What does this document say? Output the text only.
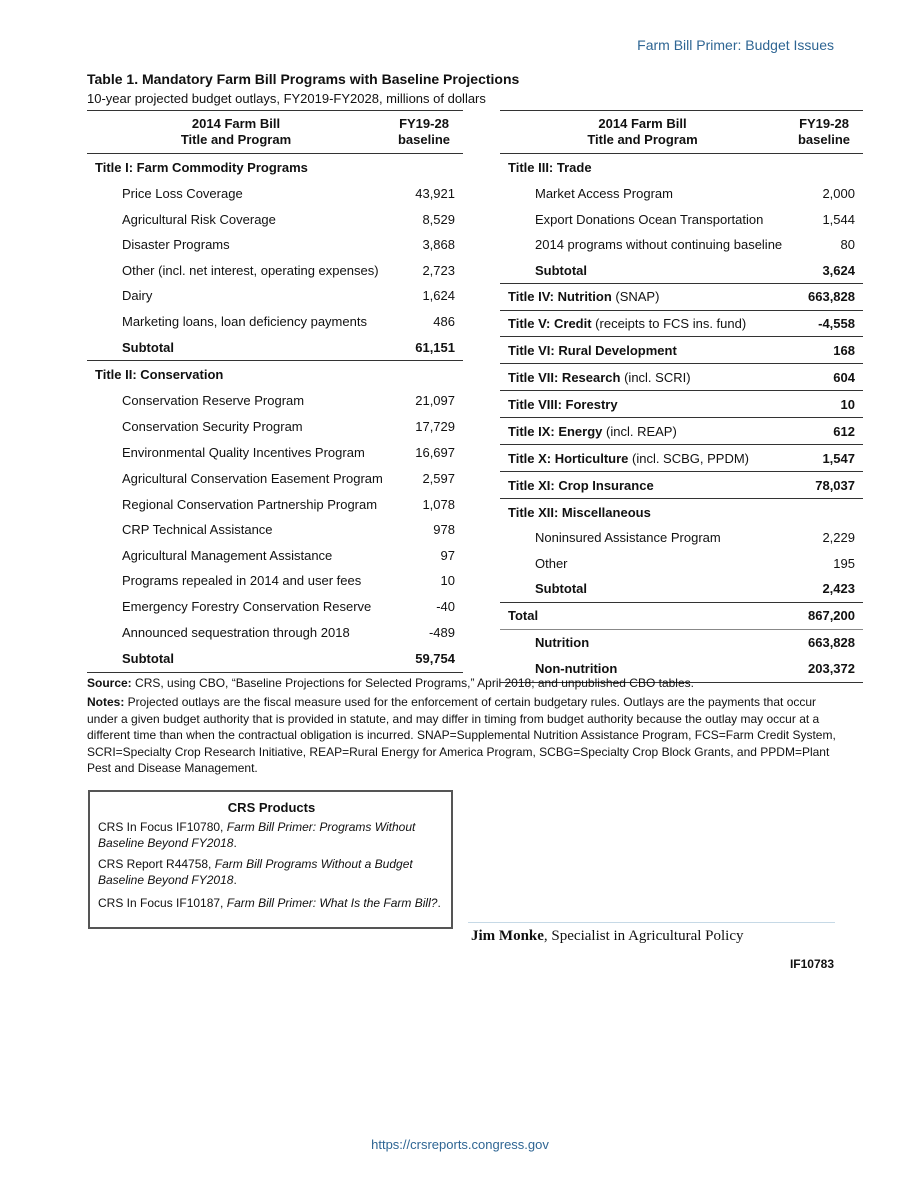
Farm Bill Primer: Budget Issues
Table 1. Mandatory Farm Bill Programs with Baseline Projections
10-year projected budget outlays, FY2019-FY2028, millions of dollars
2014 Farm Bill
Title and Program
FY19-28
baseline
Title I: Farm Commodity Programs
Price Loss Coverage	43,921
Agricultural Risk Coverage	8,529
Disaster Programs	3,868
Other (incl. net interest, operating expenses)	2,723
Dairy	1,624
Marketing loans, loan deficiency payments	486
Subtotal	61,151
Title II: Conservation
Conservation Reserve Program	21,097
Conservation Security Program	17,729
Environmental Quality Incentives Program	16,697
Agricultural Conservation Easement Program	2,597
Regional Conservation Partnership Program	1,078
CRP Technical Assistance	978
Agricultural Management Assistance	97
Programs repealed in 2014 and user fees	10
Emergency Forestry Conservation Reserve	-40
Announced sequestration through 2018	-489
Subtotal	59,754
2014 Farm Bill
Title and Program
FY19-28
baseline
Title III: Trade
Market Access Program	2,000
Export Donations Ocean Transportation	1,544
2014 programs without continuing baseline	80
Subtotal	3,624
Title IV: Nutrition (SNAP)	663,828
Title V: Credit (receipts to FCS ins. fund)	-4,558
Title VI: Rural Development	168
Title VII: Research (incl. SCRI)	604
Title VIII: Forestry	10
Title IX: Energy (incl. REAP)	612
Title X: Horticulture (incl. SCBG, PPDM)	1,547
Title XI: Crop Insurance	78,037
Title XII: Miscellaneous
Noninsured Assistance Program	2,229
Other	195
Subtotal	2,423
Total	867,200
Nutrition	663,828
Non-nutrition	203,372
Source: CRS, using CBO, “Baseline Projections for Selected Programs,” April 2018; and unpublished CBO tables.
Notes: Projected outlays are the fiscal measure used for the enforcement of certain budgetary rules. Outlays are the payments that occur under a given budget authority that is provided in statute, and may differ in timing from budget authority because the outlay may occur at a different time than when the contractual obligation is incurred. SNAP=Supplemental Nutrition Assistance Program, FCS=Farm Credit System, SCRI=Specialty Crop Research Initiative, REAP=Rural Energy for America Program, SCBG=Specialty Crop Block Grants, and PPDM=Plant Pest and Disease Management.
CRS Products

CRS In Focus IF10780, Farm Bill Primer: Programs Without Baseline Beyond FY2018.

CRS Report R44758, Farm Bill Programs Without a Budget Baseline Beyond FY2018.

CRS In Focus IF10187, Farm Bill Primer: What Is the Farm Bill?.

Jim Monke, Specialist in Agricultural Policy
IF10783
https://crsreports.congress.gov
